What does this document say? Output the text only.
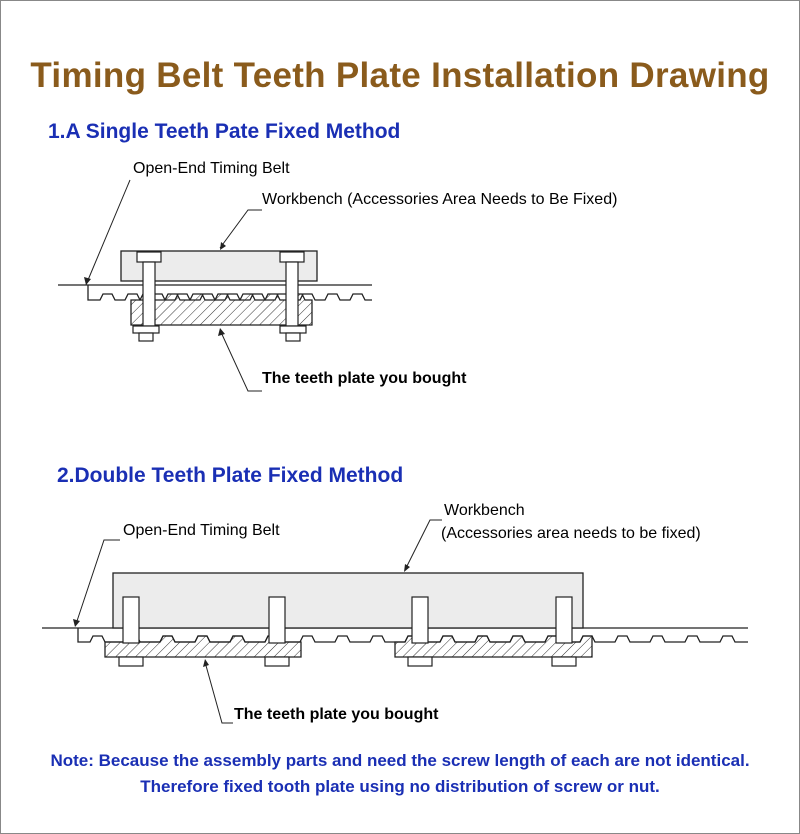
Timing Belt Teeth Plate Installation Drawing
1.A Single Teeth Pate Fixed Method
Open-End Timing Belt
Workbench (Accessories Area Needs to Be Fixed)
The teeth plate you bought
2.Double Teeth Plate Fixed Method
Open-End Timing Belt
Workbench
(Accessories area needs to be fixed)
The teeth plate you bought
Note: Because the assembly parts and need the screw length of each are not identical.
Therefore fixed tooth plate using no distribution of screw or nut.
